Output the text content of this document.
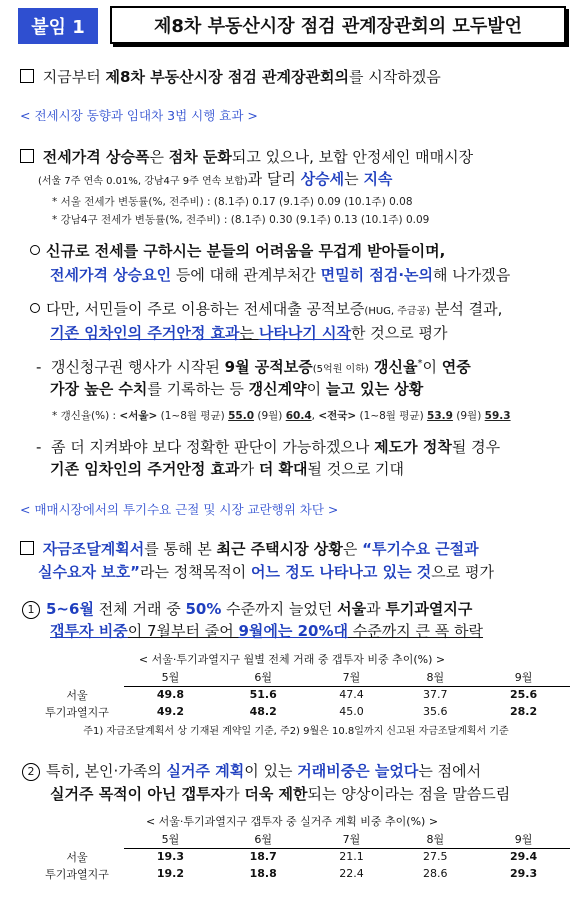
붙임 1	제8차 부동산시장 점검 관계장관회의 모두발언
지금부터 제8차 부동산시장 점검 관계장관회의를 시작하겠음
< 전세시장 동향과 임대차 3법 시행 효과 >
전세가격 상승폭은 점차 둔화되고 있으나, 보합 안정세인 매매시장
(서울 7주 연속 0.01%, 강남4구 9주 연속 보합)과 달리 상승세는 지속
* 서울 전세가 변동률(%, 전주비) : (8.1주) 0.17 (9.1주) 0.09 (10.1주) 0.08
* 강남4구 전세가 변동률(%, 전주비) : (8.1주) 0.30 (9.1주) 0.13 (10.1주) 0.09
신규로 전세를 구하시는 분들의 어려움을 무겁게 받아들이며,
전세가격 상승요인 등에 대해 관계부처간 면밀히 점검·논의해 나가겠음
다만, 서민들이 주로 이용하는 전세대출 공적보증(HUG, 주금공) 분석 결과,
기존 임차인의 주거안정 효과는 나타나기 시작한 것으로 평가
-  갱신청구권 행사가 시작된 9월 공적보증(5억원 이하) 갱신율*이 연중
가장 높은 수치를 기록하는 등 갱신계약이 늘고 있는 상황
* 갱신율(%) : <서울> (1~8월 평균) 55.0 (9월) 60.4, <전국> (1~8월 평균) 53.9 (9월) 59.3
-  좀 더 지켜봐야 보다 정확한 판단이 가능하겠으나 제도가 정착될 경우
기존 임차인의 주거안정 효과가 더 확대될 것으로 기대
< 매매시장에서의 투기수요 근절 및 시장 교란행위 차단 >
자금조달계획서를 통해 본 최근 주택시장 상황은 “투기수요 근절과
실수요자 보호”라는 정책목적이 어느 정도 나타나고 있는 것으로 평가
1 5~6월 전체 거래 중 50% 수준까지 늘었던 서울과 투기과열지구
갭투자 비중이 7월부터 줄어 9월에는 20%대 수준까지 큰 폭 하락
< 서울·투기과열지구 월별 전체 거래 중 갭투자 비중 추이(%) >
	5월	6월	7월	8월	9월
서울	49.8	51.6	47.4	37.7	25.6
투기과열지구	49.2	48.2	45.0	35.6	28.2
주1) 자금조달계획서 상 기재된 계약일 기준, 주2) 9월은 10.8일까지 신고된 자금조달계획서 기준
2 특히, 본인·가족의 실거주 계획이 있는 거래비중은 늘었다는 점에서
실거주 목적이 아닌 갭투자가 더욱 제한되는 양상이라는 점을 말씀드림
< 서울·투기과열지구 갭투자 중 실거주 계획 비중 추이(%) >
	5월	6월	7월	8월	9월
서울	19.3	18.7	21.1	27.5	29.4
투기과열지구	19.2	18.8	22.4	28.6	29.3
